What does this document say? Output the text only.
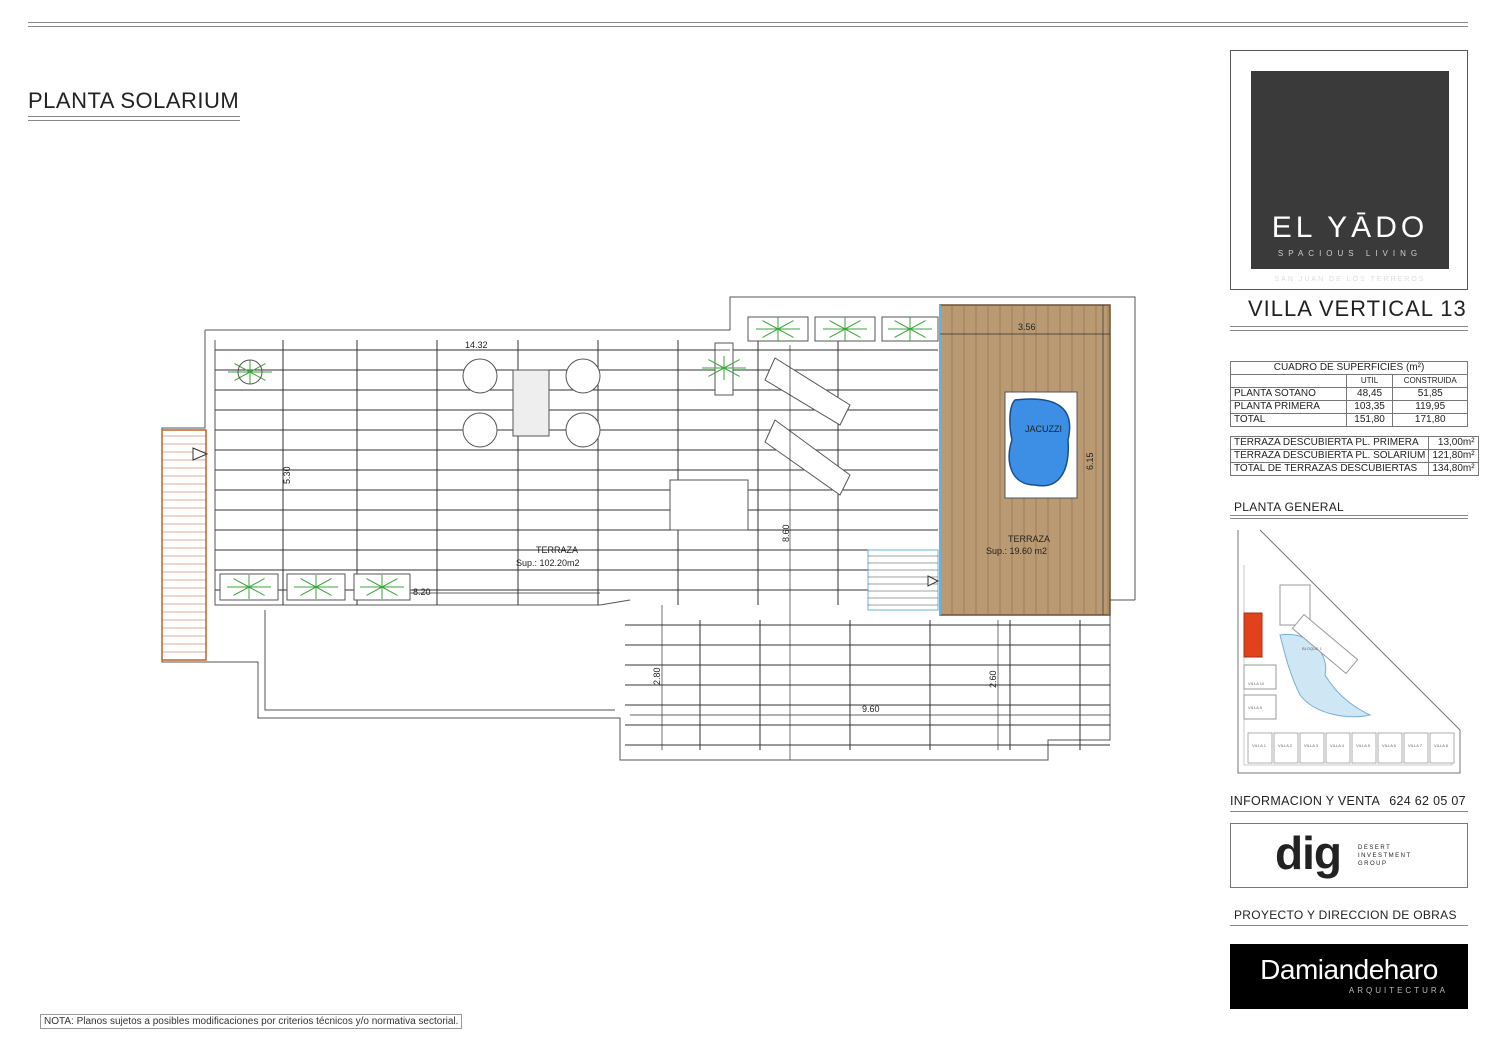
PLANTA SOLARIUM
JACUZZI
14.32
5.30
8.20
8.60
3.56
6.15
2.80	2.60
9.60
TERRAZA
Sup.: 102.20m2
TERRAZA
Sup.: 19.60 m2
EL YĀDO
SPACIOUS LIVING
SAN JUAN DE LOS TERREROS
VILLA VERTICAL 13
CUADRO DE SUPERFICIES (m²)		
	UTIL	CONSTRUIDA
PLANTA SOTANO	48,45	51,85
PLANTA PRIMERA	103,35	119,95
TOTAL	151,80	171,80
TERRAZA DESCUBIERTA PL. PRIMERA	13,00m²
TERRAZA DESCUBIERTA PL. SOLARIUM	121,80m²
TOTAL DE TERRAZAS DESCUBIERTAS	134,80m²
PLANTA GENERAL
VILLA 1	VILLA 2	VILLA 3	VILLA 4	VILLA 5	VILLA 6	VILLA 7	VILLA 8
BLOQUE 1
VILLA 10
VILLA 9
INFORMACION Y VENTA 624 62 05 07
dig	DESERT
INVESTMENT
GROUP
PROYECTO Y DIRECCION DE OBRAS
Damiandeharo
ARQUITECTURA
NOTA: Planos sujetos a posibles modificaciones por criterios técnicos y/o normativa sectorial.
